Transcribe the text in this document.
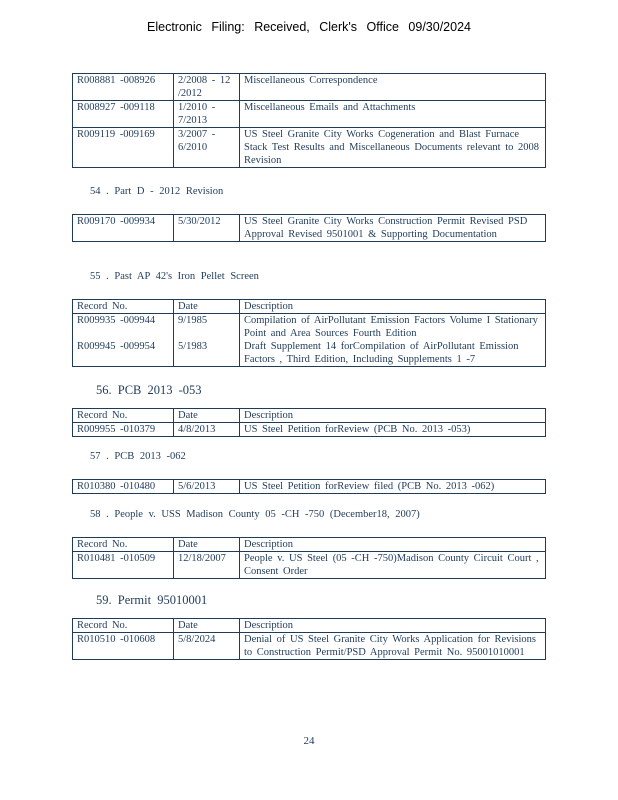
Electronic Filing: Received, Clerk's Office 09/30/2024
R008881 -008926	2/2008 - 12 /2012	Miscellaneous Correspondence
R008927 -009118	1/2010 - 7/2013	Miscellaneous Emails and Attachments
R009119 -009169	3/2007 - 6/2010	US Steel Granite City Works Cogeneration and Blast Furnace Stack Test Results and Miscellaneous Documents relevant to 2008 Revision
54 . Part D - 2012 Revision
R009170 -009934	5/30/2012	US Steel Granite City Works Construction Permit Revised PSD Approval Revised 9501001 & Supporting Documentation
55 . Past AP 42's Iron Pellet Screen
Record No.	Date	Description
R009935 -009944	9/1985	Compilation of AirPollutant Emission Factors Volume I Stationary Point and Area Sources Fourth Edition
R009945 -009954	5/1983	Draft Supplement 14 forCompilation of AirPollutant Emission Factors , Third Edition, Including Supplements 1 -7
56. PCB 2013 -053
Record No.	Date	Description
R009955 -010379	4/8/2013	US Steel Petition forReview (PCB No. 2013 -053)
57 . PCB 2013 -062
R010380 -010480	5/6/2013	US Steel Petition forReview filed (PCB No. 2013 -062)
58 . People v. USS Madison County 05 -CH -750 (December18, 2007)
Record No.	Date	Description
R010481 -010509	12/18/2007	People v. US Steel (05 -CH -750)Madison County Circuit Court , Consent Order
59. Permit 95010001
Record No.	Date	Description
R010510 -010608	5/8/2024	Denial of US Steel Granite City Works Application for Revisions to Construction Permit/PSD Approval Permit No. 95001010001
24
